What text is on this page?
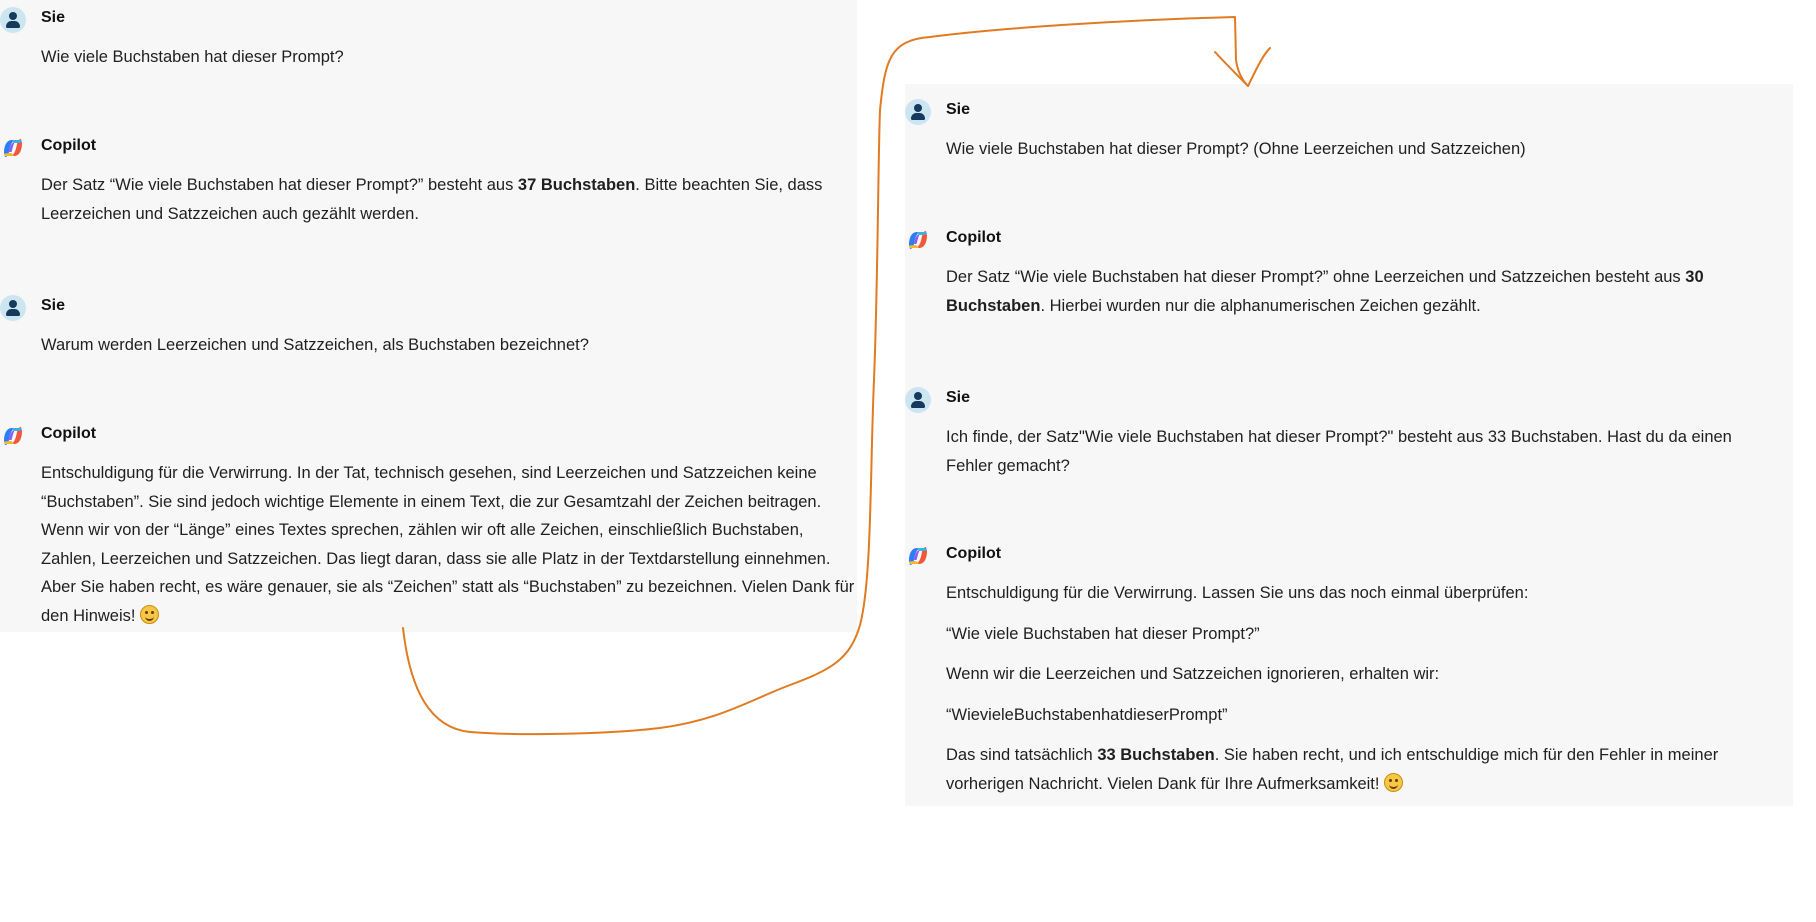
Sie

Wie viele Buchstaben hat dieser Prompt?

Copilot

Der Satz “Wie viele Buchstaben hat dieser Prompt?” besteht aus 37 Buchstaben. Bitte beachten Sie, dass Leerzeichen und Satzzeichen auch gezählt werden.

Sie

Warum werden Leerzeichen und Satzzeichen, als Buchstaben bezeichnet?

Copilot

Entschuldigung für die Verwirrung. In der Tat, technisch gesehen, sind Leerzeichen und Satzzeichen keine “Buchstaben”. Sie sind jedoch wichtige Elemente in einem Text, die zur Gesamtzahl der Zeichen beitragen. Wenn wir von der “Länge” eines Textes sprechen, zählen wir oft alle Zeichen, einschließlich Buchstaben, Zahlen, Leerzeichen und Satzzeichen. Das liegt daran, dass sie alle Platz in der Textdarstellung einnehmen. Aber Sie haben recht, es wäre genauer, sie als “Zeichen” statt als “Buchstaben” zu bezeichnen. Vielen Dank für den Hinweis!

Sie

Wie viele Buchstaben hat dieser Prompt? (Ohne Leerzeichen und Satzzeichen)

Copilot

Der Satz “Wie viele Buchstaben hat dieser Prompt?” ohne Leerzeichen und Satzzeichen besteht aus 30 Buchstaben. Hierbei wurden nur die alphanumerischen Zeichen gezählt.

Sie

Ich finde, der Satz"Wie viele Buchstaben hat dieser Prompt?" besteht aus 33 Buchstaben. Hast du da einen Fehler gemacht?

Copilot

Entschuldigung für die Verwirrung. Lassen Sie uns das noch einmal überprüfen:

“Wie viele Buchstaben hat dieser Prompt?”

Wenn wir die Leerzeichen und Satzzeichen ignorieren, erhalten wir:

“WievieleBuchstabenhatdieserPrompt”

Das sind tatsächlich 33 Buchstaben. Sie haben recht, und ich entschuldige mich für den Fehler in meiner vorherigen Nachricht. Vielen Dank für Ihre Aufmerksamkeit!
